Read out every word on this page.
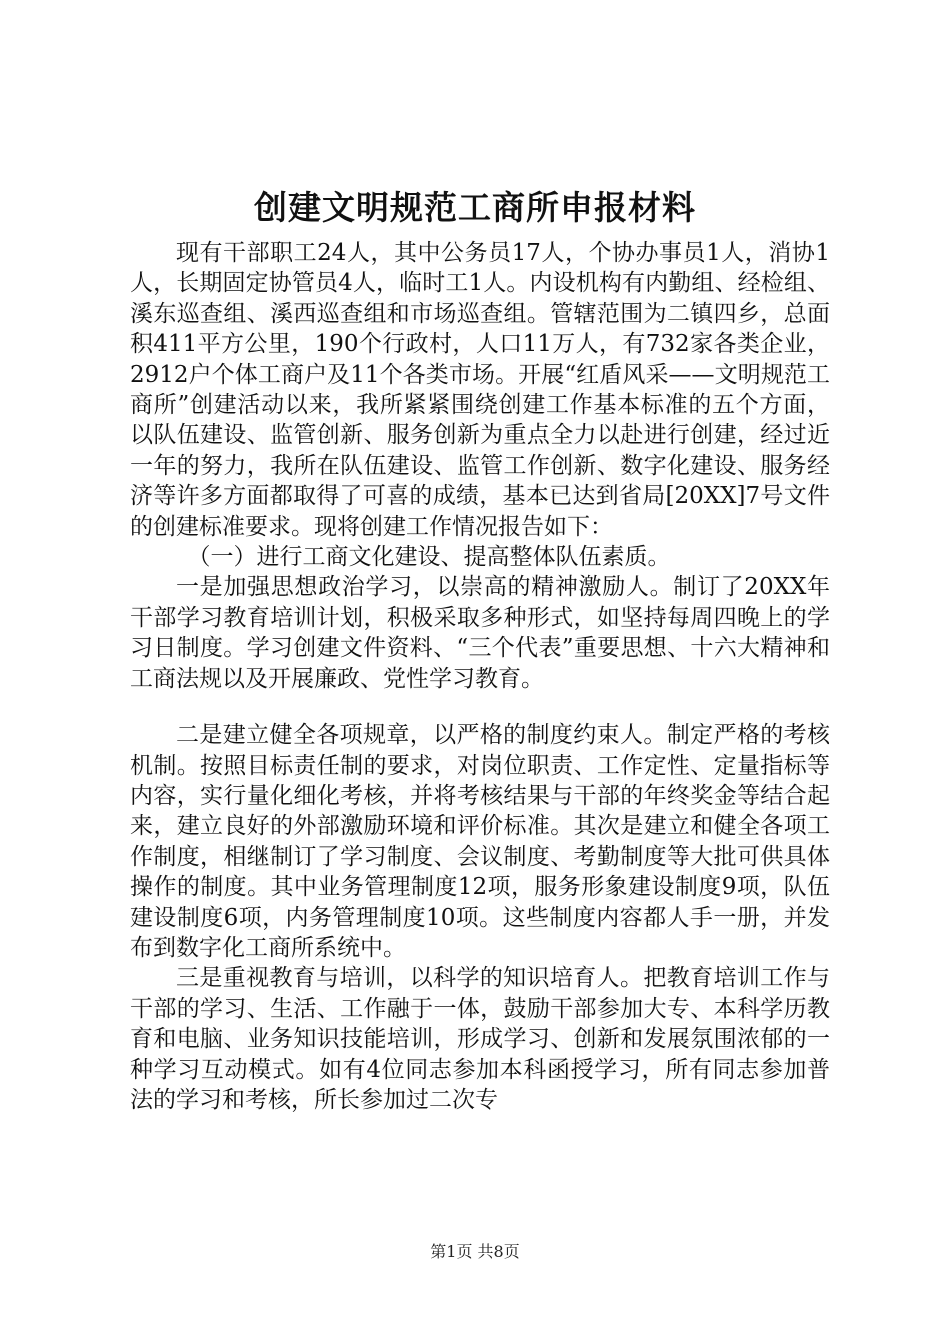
创建文明规范工商所申报材料

现有干部职工24人，其中公务员17人，个协办事员1人，消协1人，长期固定协管员4人，临时工1人。内设机构有内勤组、经检组、溪东巡查组、溪西巡查组和市场巡查组。管辖范围为二镇四乡，总面积411平方公里，190个行政村，人口11万人，有732家各类企业，2912户个体工商户及11个各类市场。开展“红盾风采——文明规范工商所”创建活动以来，我所紧紧围绕创建工作基本标准的五个方面，以队伍建设、监管创新、服务创新为重点全力以赴进行创建，经过近一年的努力，我所在队伍建设、监管工作创新、数字化建设、服务经济等许多方面都取得了可喜的成绩，基本已达到省局[20XX]7号文件的创建标准要求。现将创建工作情况报告如下：

（一）进行工商文化建设、提高整体队伍素质。

一是加强思想政治学习，以崇高的精神激励人。制订了20XX年干部学习教育培训计划，积极采取多种形式，如坚持每周四晚上的学习日制度。学习创建文件资料、“三个代表”重要思想、十六大精神和工商法规以及开展廉政、党性学习教育。

二是建立健全各项规章，以严格的制度约束人。制定严格的考核机制。按照目标责任制的要求，对岗位职责、工作定性、定量指标等内容，实行量化细化考核，并将考核结果与干部的年终奖金等结合起来，建立良好的外部激励环境和评价标准。其次是建立和健全各项工作制度，相继制订了学习制度、会议制度、考勤制度等大批可供具体操作的制度。其中业务管理制度12项，服务形象建设制度9项，队伍建设制度6项，内务管理制度10项。这些制度内容都人手一册，并发布到数字化工商所系统中。

三是重视教育与培训，以科学的知识培育人。把教育培训工作与干部的学习、生活、工作融于一体，鼓励干部参加大专、本科学历教育和电脑、业务知识技能培训，形成学习、创新和发展氛围浓郁的一种学习互动模式。如有4位同志参加本科函授学习，所有同志参加普法的学习和考核，所长参加过二次专

第1页 共8页
